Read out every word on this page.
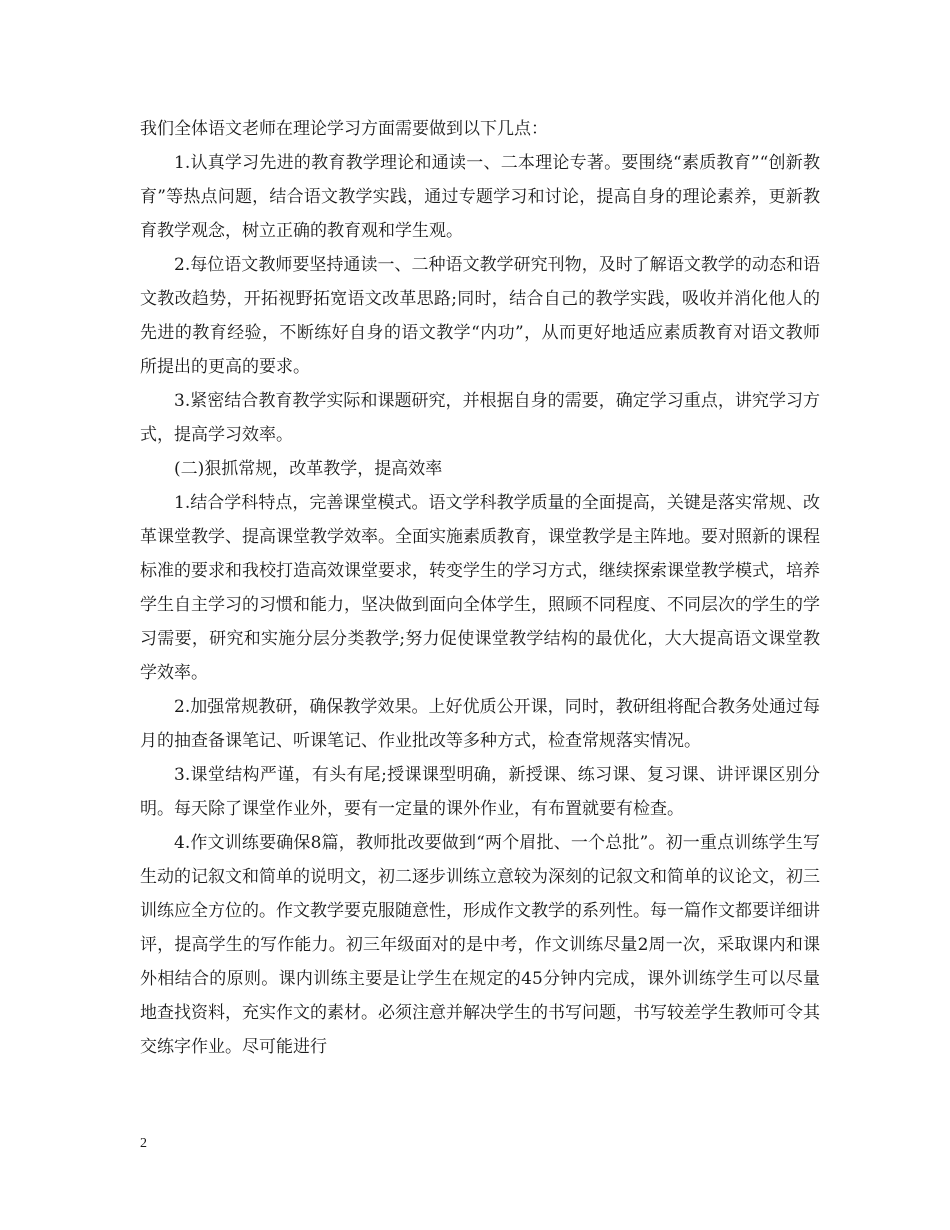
我们全体语文老师在理论学习方面需要做到以下几点：

1.认真学习先进的教育教学理论和通读一、二本理论专著。要围绕“素质教育”“创新教育”等热点问题，结合语文教学实践，通过专题学习和讨论，提高自身的理论素养，更新教育教学观念，树立正确的教育观和学生观。

2.每位语文教师要坚持通读一、二种语文教学研究刊物，及时了解语文教学的动态和语文教改趋势，开拓视野拓宽语文改革思路;同时，结合自己的教学实践，吸收并消化他人的先进的教育经验，不断练好自身的语文教学“内功”，从而更好地适应素质教育对语文教师所提出的更高的要求。

3.紧密结合教育教学实际和课题研究，并根据自身的需要，确定学习重点，讲究学习方式，提高学习效率。

(二)狠抓常规，改革教学，提高效率

1.结合学科特点，完善课堂模式。语文学科教学质量的全面提高，关键是落实常规、改革课堂教学、提高课堂教学效率。全面实施素质教育，课堂教学是主阵地。要对照新的课程标准的要求和我校打造高效课堂要求，转变学生的学习方式，继续探索课堂教学模式，培养学生自主学习的习惯和能力，坚决做到面向全体学生，照顾不同程度、不同层次的学生的学习需要，研究和实施分层分类教学;努力促使课堂教学结构的最优化，大大提高语文课堂教学效率。

2.加强常规教研，确保教学效果。上好优质公开课，同时，教研组将配合教务处通过每月的抽查备课笔记、听课笔记、作业批改等多种方式，检查常规落实情况。

3.课堂结构严谨，有头有尾;授课课型明确，新授课、练习课、复习课、讲评课区别分明。每天除了课堂作业外，要有一定量的课外作业，有布置就要有检查。

4.作文训练要确保8篇，教师批改要做到“两个眉批、一个总批”。初一重点训练学生写生动的记叙文和简单的说明文，初二逐步训练立意较为深刻的记叙文和简单的议论文，初三训练应全方位的。作文教学要克服随意性，形成作文教学的系列性。每一篇作文都要详细讲评，提高学生的写作能力。初三年级面对的是中考，作文训练尽量2周一次，采取课内和课外相结合的原则。课内训练主要是让学生在规定的45分钟内完成，课外训练学生可以尽量地查找资料，充实作文的素材。必须注意并解决学生的书写问题，书写较差学生教师可令其交练字作业。尽可能进行

2
